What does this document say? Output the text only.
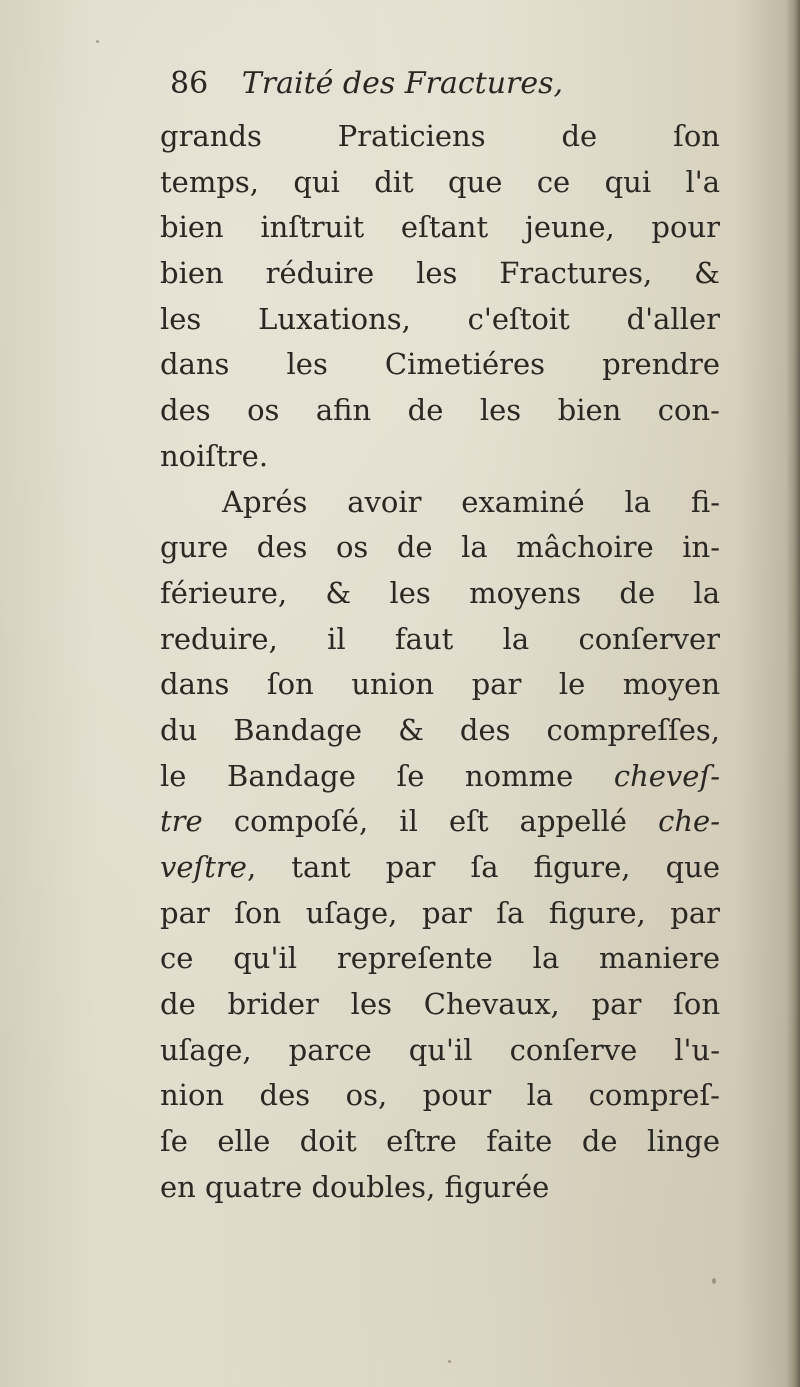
86 Traité des Fractures,
grands Praticiens de ſon
temps, qui dit que ce qui l'a
bien inſtruit eſtant jeune, pour
bien réduire les Fractures, &
les Luxations, c'eſtoit d'aller
dans les Cimetiéres prendre
des os afin de les bien con-
noiſtre.
Aprés avoir examiné la fi-
gure des os de la mâchoire in-
férieure, & les moyens de la
reduire, il faut la conſerver
dans ſon union par le moyen
du Bandage & des compreſſes,
le Bandage ſe nomme cheveſ-
tre compoſé, il eſt appellé che-
veſtre, tant par ſa figure, que
par ſon uſage, par ſa figure, par
ce qu'il repreſente la maniere
de brider les Chevaux, par ſon
uſage, parce qu'il conſerve l'u-
nion des os, pour la compreſ-
ſe elle doit eſtre faite de linge
en quatre doubles, figurée
